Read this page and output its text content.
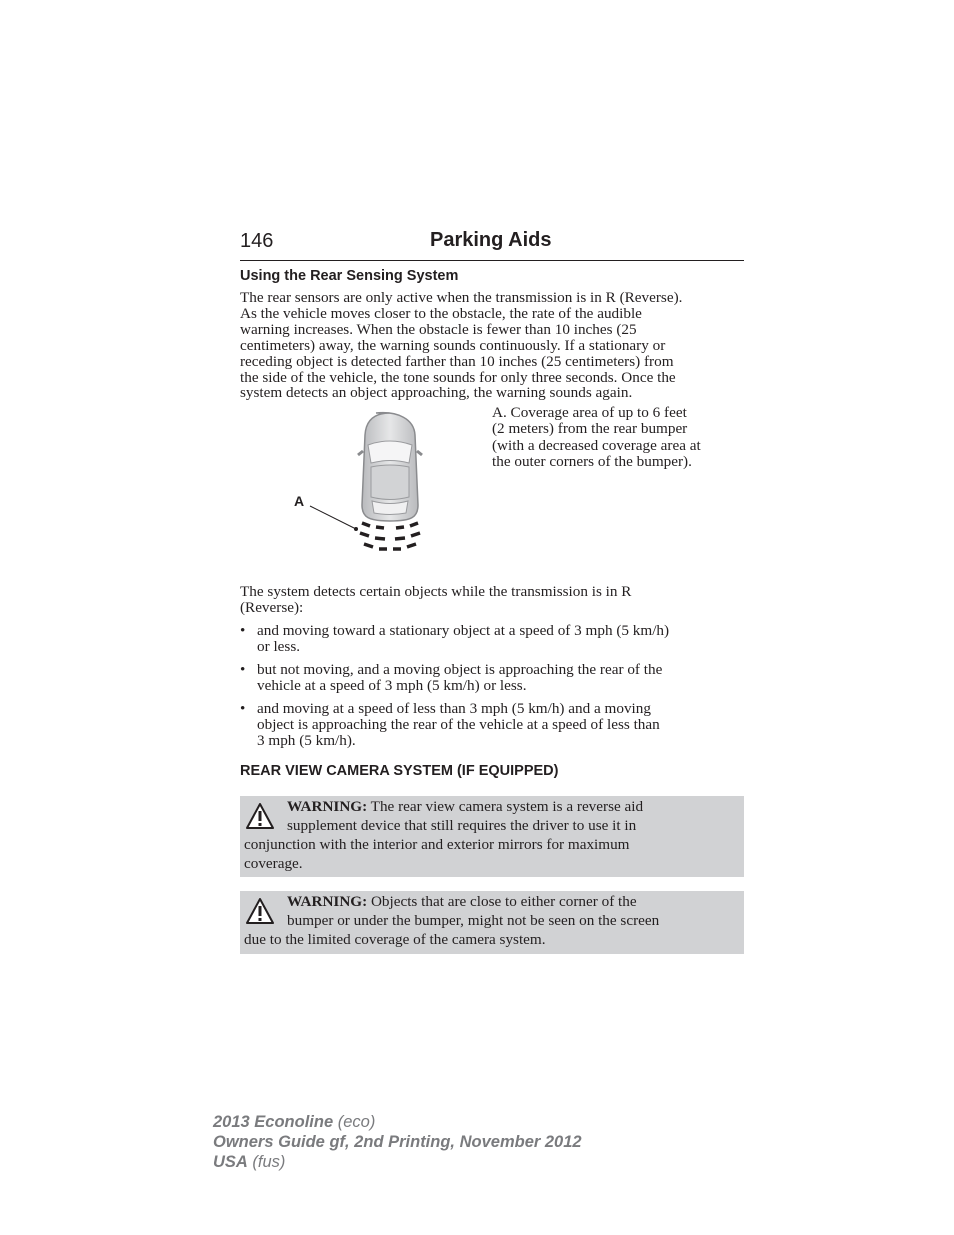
146	Parking Aids
Using the Rear Sensing System
The rear sensors are only active when the transmission is in R (Reverse).
As the vehicle moves closer to the obstacle, the rate of the audible
warning increases. When the obstacle is fewer than 10 inches (25
centimeters) away, the warning sounds continuously. If a stationary or
receding object is detected farther than 10 inches (25 centimeters) from
the side of the vehicle, the tone sounds for only three seconds. Once the
system detects an object approaching, the warning sounds again.
A
A. Coverage area of up to 6 feet
(2 meters) from the rear bumper
(with a decreased coverage area at
the outer corners of the bumper).
The system detects certain objects while the transmission is in R
(Reverse):
• and moving toward a stationary object at a speed of 3 mph (5 km/h)
or less.
• but not moving, and a moving object is approaching the rear of the
vehicle at a speed of 3 mph (5 km/h) or less.
• and moving at a speed of less than 3 mph (5 km/h) and a moving
object is approaching the rear of the vehicle at a speed of less than
3 mph (5 km/h).
REAR VIEW CAMERA SYSTEM (IF EQUIPPED)
WARNING: The rear view camera system is a reverse aid
supplement device that still requires the driver to use it in
conjunction with the interior and exterior mirrors for maximum
coverage.
WARNING: Objects that are close to either corner of the
bumper or under the bumper, might not be seen on the screen
due to the limited coverage of the camera system.
2013 Econoline (eco)
Owners Guide gf, 2nd Printing, November 2012
USA (fus)
